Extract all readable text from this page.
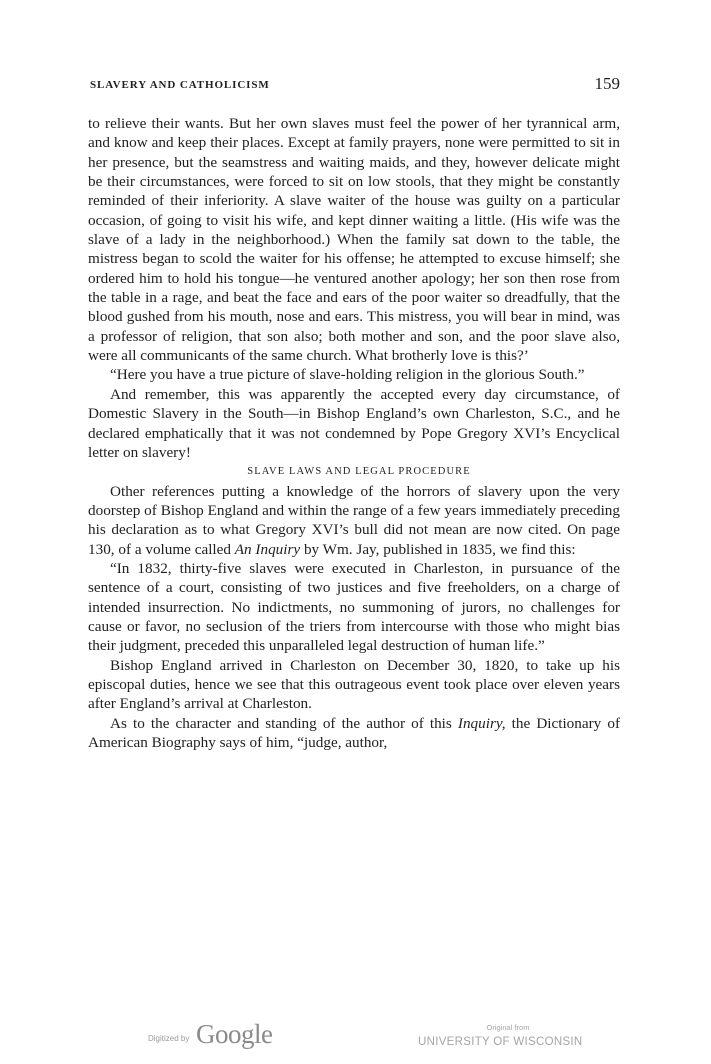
SLAVERY AND CATHOLICISM	159

to relieve their wants. But her own slaves must feel the power of her tyrannical arm, and know and keep their places. Except at family prayers, none were permitted to sit in her presence, but the seamstress and waiting maids, and they, however delicate might be their circumstances, were forced to sit on low stools, that they might be constantly reminded of their inferiority. A slave waiter of the house was guilty on a particular occasion, of going to visit his wife, and kept dinner waiting a little. (His wife was the slave of a lady in the neighborhood.) When the family sat down to the table, the mistress began to scold the waiter for his offense; he attempted to excuse himself; she ordered him to hold his tongue—he ventured another apology; her son then rose from the table in a rage, and beat the face and ears of the poor waiter so dreadfully, that the blood gushed from his mouth, nose and ears. This mistress, you will bear in mind, was a professor of religion, that son also; both mother and son, and the poor slave also, were all communicants of the same church. What brotherly love is this?’

“Here you have a true picture of slave-holding religion in the glorious South.”

And remember, this was apparently the accepted every day circumstance, of Domestic Slavery in the South—in Bishop England’s own Charleston, S.C., and he declared emphatically that it was not condemned by Pope Gregory XVI’s Encyclical letter on slavery!

SLAVE LAWS AND LEGAL PROCEDURE

Other references putting a knowledge of the horrors of slavery upon the very doorstep of Bishop England and within the range of a few years immediately preceding his declaration as to what Gregory XVI’s bull did not mean are now cited. On page 130, of a volume called An Inquiry by Wm. Jay, published in 1835, we find this:

“In 1832, thirty-five slaves were executed in Charleston, in pursuance of the sentence of a court, consisting of two justices and five freeholders, on a charge of intended insurrection. No indictments, no summoning of jurors, no challenges for cause or favor, no seclusion of the triers from intercourse with those who might bias their judgment, preceded this unparalleled legal destruction of human life.”

Bishop England arrived in Charleston on December 30, 1820, to take up his episcopal duties, hence we see that this outrageous event took place over eleven years after England’s arrival at Charleston.

As to the character and standing of the author of this Inquiry, the Dictionary of American Biography says of him, “judge, author,

Digitized by Google	Original from
UNIVERSITY OF WISCONSIN
